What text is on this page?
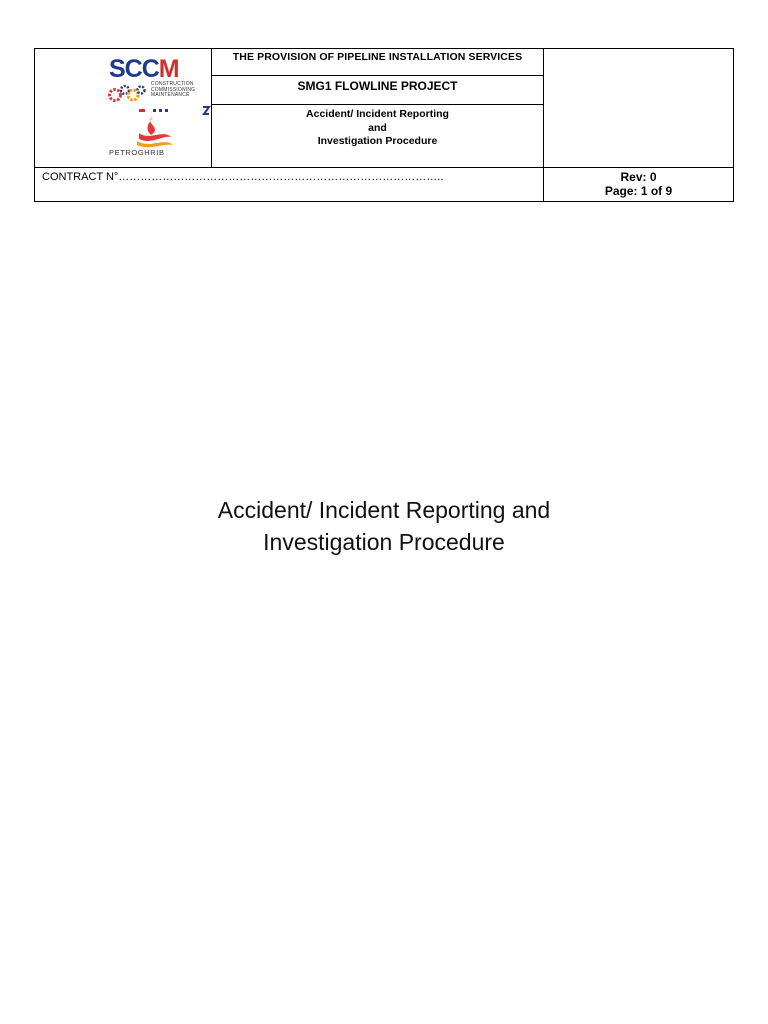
SCCM
CONSTRUCTION
COMMISSIONING
MAINTENANCE
PETROGHRIB
THE PROVISION OF PIPELINE INSTALLATION SERVICES
SMG1 FLOWLINE PROJECT
Accident/ Incident Reporting
and
Investigation Procedure
CONTRACT N°……………………………………………………………………………..	Rev: 0
Page: 1 of 9
Accident/ Incident Reporting and
Investigation Procedure
